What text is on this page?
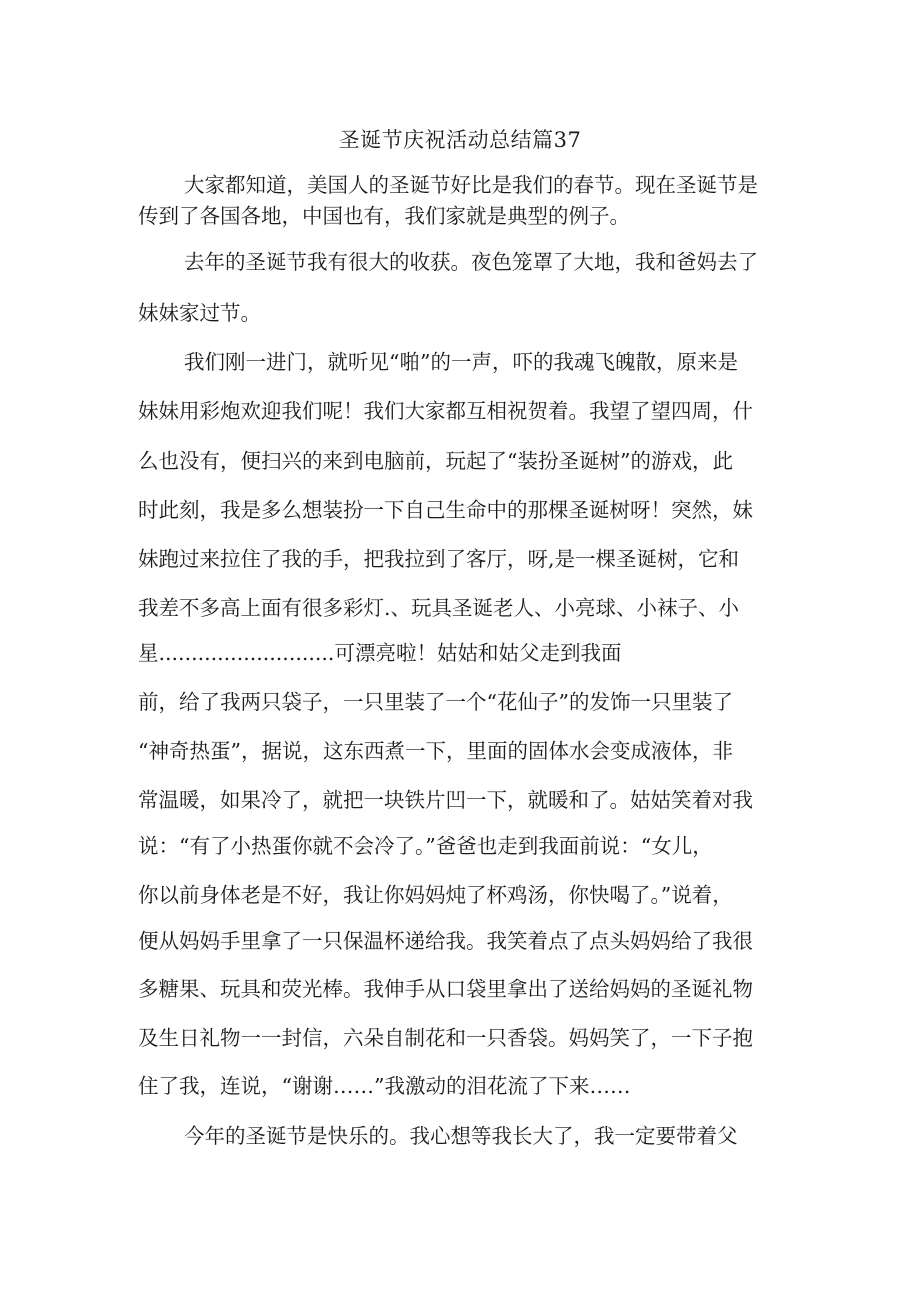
圣诞节庆祝活动总结篇37

大家都知道，美国人的圣诞节好比是我们的春节。现在圣诞节是

传到了各国各地，中国也有，我们家就是典型的例子。

去年的圣诞节我有很大的收获。夜色笼罩了大地，我和爸妈去了

妹妹家过节。

我们刚一进门，就听见“啪”的一声，吓的我魂飞魄散，原来是

妹妹用彩炮欢迎我们呢！我们大家都互相祝贺着。我望了望四周，什

么也没有，便扫兴的来到电脑前，玩起了“装扮圣诞树”的游戏，此

时此刻，我是多么想装扮一下自己生命中的那棵圣诞树呀！突然，妹

妹跑过来拉住了我的手，把我拉到了客厅，呀,是一棵圣诞树，它和

我差不多高上面有很多彩灯.、玩具圣诞老人、小亮球、小袜子、小

星...........................可漂亮啦！姑姑和姑父走到我面

前，给了我两只袋子，一只里装了一个“花仙子”的发饰一只里装了

“神奇热蛋”，据说，这东西煮一下，里面的固体水会变成液体，非

常温暖，如果冷了，就把一块铁片凹一下，就暖和了。姑姑笑着对我

说：“有了小热蛋你就不会冷了。”爸爸也走到我面前说：“女儿，

你以前身体老是不好，我让你妈妈炖了杯鸡汤，你快喝了。”说着，

便从妈妈手里拿了一只保温杯递给我。我笑着点了点头妈妈给了我很

多糖果、玩具和荧光棒。我伸手从口袋里拿出了送给妈妈的圣诞礼物

及生日礼物一一封信，六朵自制花和一只香袋。妈妈笑了，一下子抱

住了我，连说，“谢谢……”我激动的泪花流了下来……

今年的圣诞节是快乐的。我心想等我长大了，我一定要带着父
